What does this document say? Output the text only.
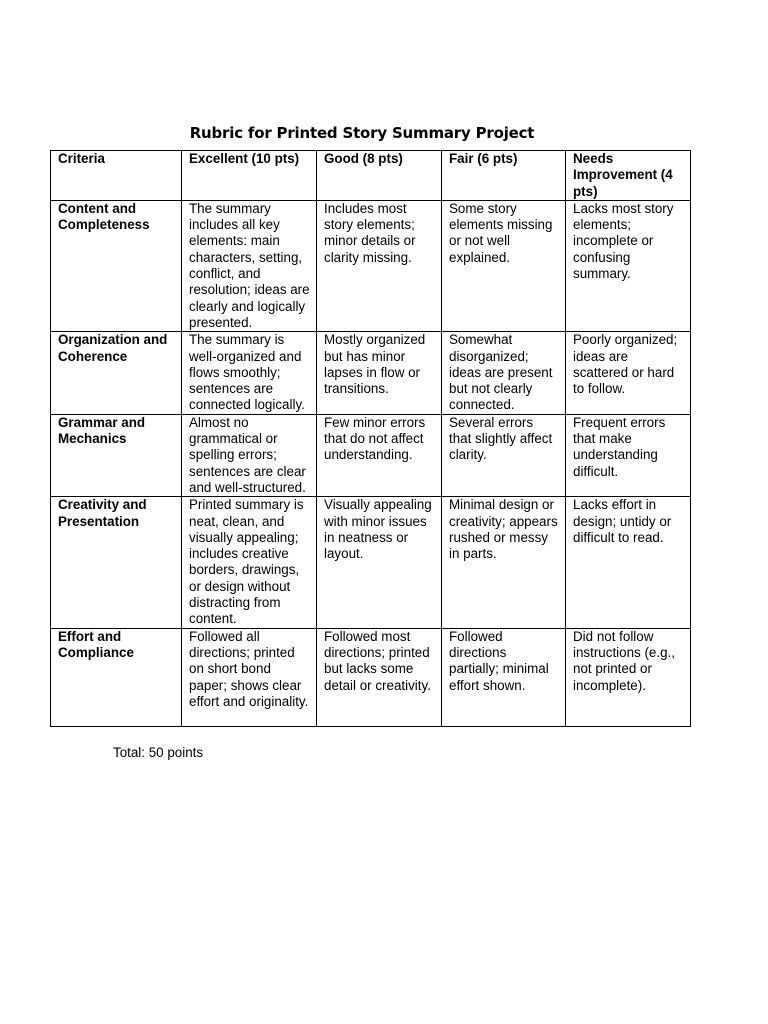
Rubric for Printed Story Summary Project
Criteria	Excellent (10 pts)	Good (8 pts)	Fair (6 pts)	Needs Improvement (4 pts)
Content and Completeness	The summary includes all key elements: main characters, setting, conflict, and resolution; ideas are clearly and logically presented.	Includes most story elements; minor details or clarity missing.	Some story elements missing or not well explained.	Lacks most story elements; incomplete or confusing summary.
Organization and Coherence	The summary is well-organized and flows smoothly; sentences are connected logically.	Mostly organized but has minor lapses in flow or transitions.	Somewhat disorganized; ideas are present but not clearly connected.	Poorly organized; ideas are scattered or hard to follow.
Grammar and Mechanics	Almost no grammatical or spelling errors; sentences are clear and well-structured.	Few minor errors that do not affect understanding.	Several errors that slightly affect clarity.	Frequent errors that make understanding difficult.
Creativity and Presentation	Printed summary is neat, clean, and visually appealing; includes creative borders, drawings, or design without distracting from content.	Visually appealing with minor issues in neatness or layout.	Minimal design or creativity; appears rushed or messy in parts.	Lacks effort in design; untidy or difficult to read.
Effort and Compliance	Followed all directions; printed on short bond paper; shows clear effort and originality.	Followed most directions; printed but lacks some detail or creativity.	Followed directions partially; minimal effort shown.	Did not follow instructions (e.g., not printed or incomplete).
Total: 50 points
